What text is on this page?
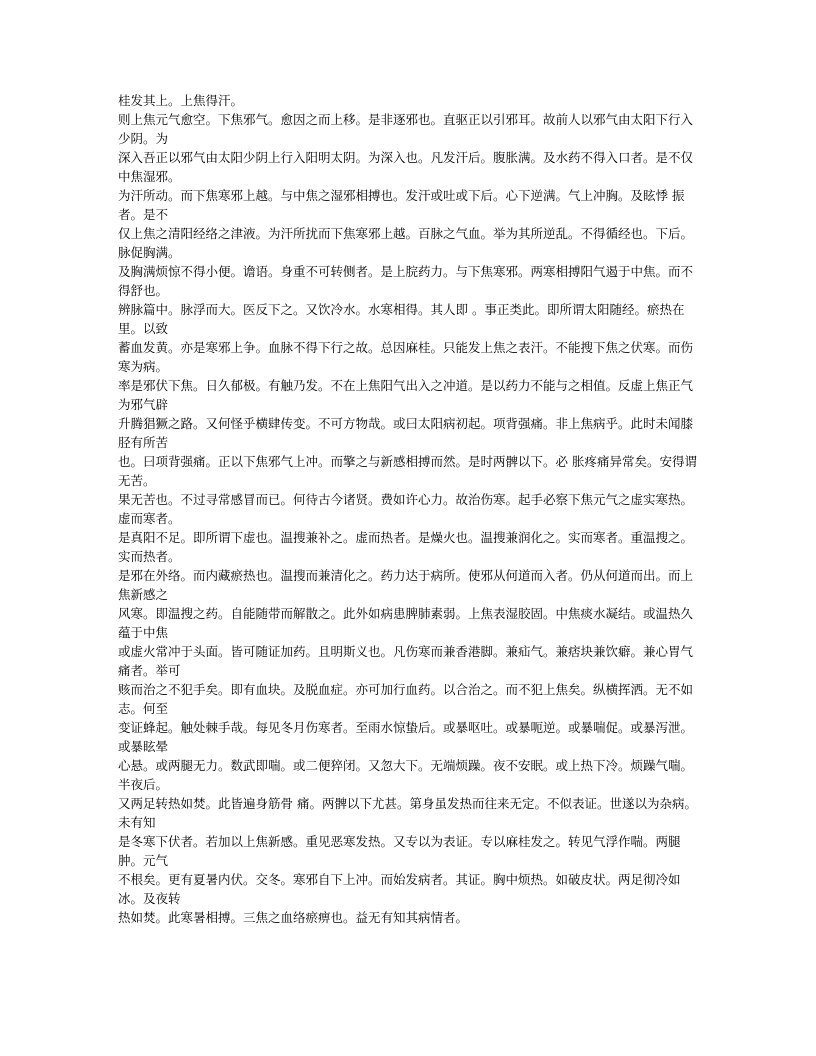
桂发其上。上焦得汗。

则上焦元气愈空。下焦邪气。愈因之而上移。是非逐邪也。直驱正以引邪耳。故前人以邪气由太阳下行入少阴。为

深入吾正以邪气由太阳少阴上行入阳明太阴。为深入也。凡发汗后。腹胀满。及水药不得入口者。是不仅中焦湿邪。

为汗所动。而下焦寒邪上越。与中焦之湿邪相搏也。发汗或吐或下后。心下逆满。气上冲胸。及眩悸 振者。是不

仅上焦之清阳经络之津液。为汗所扰而下焦寒邪上越。百脉之气血。举为其所逆乱。不得循经也。下后。脉促胸满。

及胸满烦惊不得小便。谵语。身重不可转侧者。是上脘药力。与下焦寒邪。两寒相搏阳气遏于中焦。而不得舒也。

辨脉篇中。脉浮而大。医反下之。又饮冷水。水寒相得。其人即 。事正类此。即所谓太阳随经。瘀热在里。以致

蓄血发黄。亦是寒邪上争。血脉不得下行之故。总因麻桂。只能发上焦之表汗。不能搜下焦之伏寒。而伤寒为病。

率是邪伏下焦。日久郁极。有触乃发。不在上焦阳气出入之冲道。是以药力不能与之相值。反虚上焦正气为邪气辟

升腾猖獗之路。又何怪乎横肆传变。不可方物哉。或曰太阳病初起。项背强痛。非上焦病乎。此时未闻膝胫有所苦

也。曰项背强痛。正以下焦邪气上冲。而擎之与新感相搏而然。是时两髀以下。必 胀疼痛异常矣。安得谓无苦。

果无苦也。不过寻常感冒而已。何待古今诸贤。费如许心力。故治伤寒。起手必察下焦元气之虚实寒热。虚而寒者。

是真阳不足。即所谓下虚也。温搜兼补之。虚而热者。是燥火也。温搜兼润化之。实而寒者。重温搜之。实而热者。

是邪在外络。而内藏瘀热也。温搜而兼清化之。药力达于病所。使邪从何道而入者。仍从何道而出。而上焦新感之

风寒。即温搜之药。自能随带而解散之。此外如病患脾肺素弱。上焦表湿胶固。中焦痰水凝结。或温热久蕴于中焦

或虚火常冲于头面。皆可随证加药。且明斯义也。凡伤寒而兼香港脚。兼疝气。兼痞块兼饮癖。兼心胃气痛者。举可

赅而治之不犯手矣。即有血块。及脱血症。亦可加行血药。以合治之。而不犯上焦矣。纵横挥洒。无不如志。何至

变证蜂起。触处棘手哉。每见冬月伤寒者。至雨水惊蛰后。或暴呕吐。或暴呃逆。或暴喘促。或暴泻泄。或暴眩晕

心悬。或两腿无力。数武即喘。或二便猝闭。又忽大下。无端烦躁。夜不安眠。或上热下冷。烦躁气喘。半夜后。

又两足转热如焚。此皆遍身筋骨 痛。两髀以下尤甚。第身虽发热而往来无定。不似表证。世遂以为杂病。未有知

是冬寒下伏者。若加以上焦新感。重见恶寒发热。又专以为表证。专以麻桂发之。转见气浮作喘。两腿 肿。元气

不根矣。更有夏暑内伏。交冬。寒邪自下上冲。而始发病者。其证。胸中烦热。如破皮状。两足彻冷如冰。及夜转

热如焚。此寒暑相搏。三焦之血络瘀痹也。益无有知其病情者。
